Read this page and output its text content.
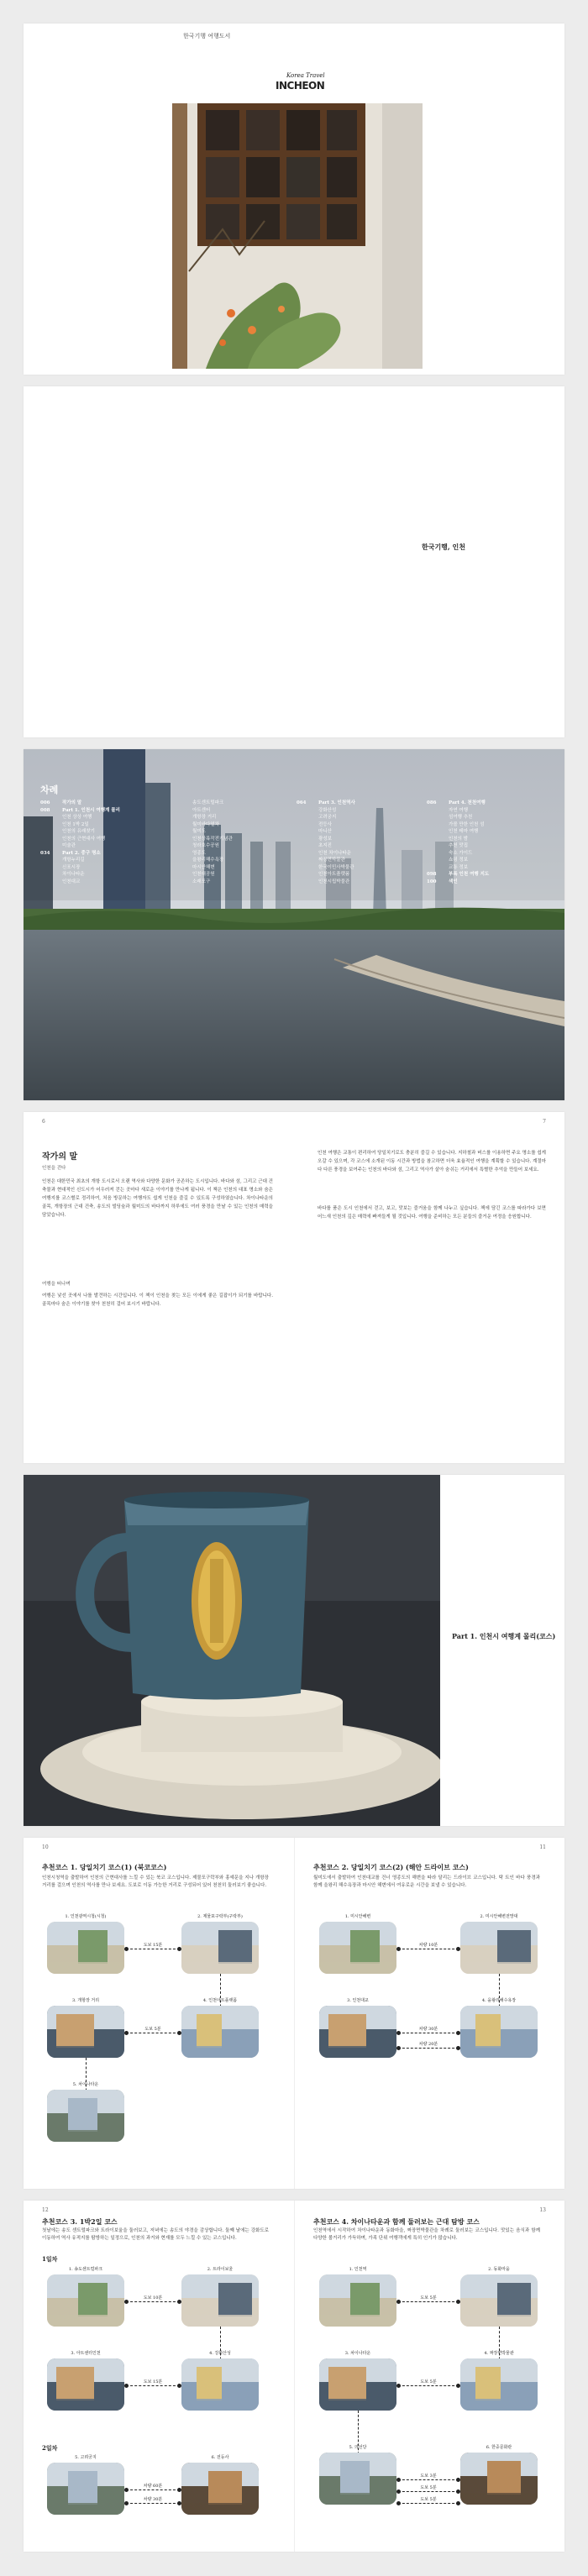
한국기행 여행도서
Korea Travel
INCHEON
한국기행, 인천
차례
006	작가의 말
008	Part 1. 인천시 여행계 몰리
인천 상상 여행
인천 1박 2일
인천의 유래찾기
인천의 근현대사 여행
미술관
034	Part 2. 중구 명소
개항누리길
신포시장
차이나타운
인천대교
송도센트럴파크
아트센터
개항장 거리
월미바다열차
월미도
인천상륙작전기념관
청라호수공원
영종도
을왕리해수욕장
마시안해변
인천대공원
소래포구
064	Part 3. 인천역사
강화산성
고려궁지
전등사
마니산
광성보
초지진
인천 차이나타운
짜장면박물관
한국이민사박물관
인천아트플랫폼
인천시립박물관
086	Part 4. 천천여행
자연 여행
섬여행 추천
가볼 만한 인천 섬
인천 테마 여행
인천의 밤
추천 맛집
숙소 가이드
쇼핑 정보
교통 정보
098	부록 인천 여행 지도
100	색인
6	7
작가의 말
인천을 걷다
인천은 대한민국 최초의 개항 도시로서 오랜 역사와 다양한 문화가 공존하는 도시입니다. 바다와 섬, 그리고 근대 건축물과 현대적인 신도시가 어우러져 걷는 곳마다 새로운 이야기를 만나게 됩니다. 이 책은 인천의 대표 명소와 숨은 여행지를 코스별로 정리하여, 처음 방문하는 여행자도 쉽게 인천을 즐길 수 있도록 구성하였습니다. 차이나타운의 골목, 개항장의 근대 건축, 송도의 빌딩숲과 월미도의 바다까지 하루에도 여러 풍경을 만날 수 있는 인천의 매력을 담았습니다.
여행을 떠나며
여행은 낯선 곳에서 나를 발견하는 시간입니다. 이 책이 인천을 찾는 모든 이에게 좋은 길잡이가 되기를 바랍니다. 골목마다 숨은 이야기를 찾아 천천히 걸어 보시기 바랍니다.
인천 여행은 교통이 편리하여 당일치기로도 충분히 즐길 수 있습니다. 지하철과 버스를 이용하면 주요 명소를 쉽게 오갈 수 있으며, 각 코스에 소개된 이동 시간과 방법을 참고하면 더욱 효율적인 여행을 계획할 수 있습니다. 계절마다 다른 풍경을 보여주는 인천의 바다와 섬, 그리고 역사가 살아 숨쉬는 거리에서 특별한 추억을 만들어 보세요.
바다를 품은 도시 인천에서 걷고, 보고, 맛보는 즐거움을 함께 나누고 싶습니다. 책에 담긴 코스를 따라가다 보면 어느새 인천의 깊은 매력에 빠져들게 될 것입니다. 여행을 준비하는 모든 분들의 즐거운 여정을 응원합니다.
Part 1. 인천시 여행계 몰리(코스)
10	11
추천코스 1. 당일치기 코스(1) (북코코스)
인천시청역을 출발하여 인천의 근현대사를 느낄 수 있는 북코 코스입니다. 제물포구락부와 홍예문을 지나 개항장 거리를 걸으며 인천의 역사를 만나 보세요. 도보로 이동 가능한 거리로 구성되어 있어 천천히 둘러보기 좋습니다.
추천코스 2. 당일치기 코스(2) (해안 드라이브 코스)
월미도에서 출발하여 인천대교를 건너 영종도의 해변을 따라 달리는 드라이브 코스입니다. 탁 트인 바다 풍경과 함께 을왕리 해수욕장과 마시안 해변에서 여유로운 시간을 보낼 수 있습니다.
1. 인천광역시청(시청)	2. 제물포구락부(구락부)
도보 15분
3. 개항장 거리	4. 인천아트플랫폼
도보 5분
5. 차이나타운
1. 미시안해변	2. 미시안해변전망대
차량 10분
3. 인천대교	4. 을왕리해수욕장
차량 30분
차량 20분
12	13
추천코스 3. 1박2일 코스
첫날에는 송도 센트럴파크와 트라이보울을 둘러보고, 저녁에는 송도의 야경을 감상합니다. 둘째 날에는 강화도로 이동하여 역사 유적지를 탐방하는 일정으로, 인천의 과거와 현재를 모두 느낄 수 있는 코스입니다.
1일차
2일차
추천코스 4. 차이나타운과 함께 둘러보는 근대 탐방 코스
인천역에서 시작하여 차이나타운과 동화마을, 짜장면박물관을 차례로 둘러보는 코스입니다. 맛있는 음식과 함께 다양한 볼거리가 가득하며, 가족 단위 여행객에게 특히 인기가 많습니다.
1. 송도센트럴파크	2. 트라이보울
도보 10분
3. 아트센터인천	4. 강화산성
도보 15분
5. 고려궁지	6. 전등사
차량 60분
차량 30분
1. 인천역	2. 동화마을
도보 5분
3. 차이나타운	4. 짜장면박물관
도보 5분
5. 의선당	6. 한중문화관
도보 3분
도보 5분
도보 5분
